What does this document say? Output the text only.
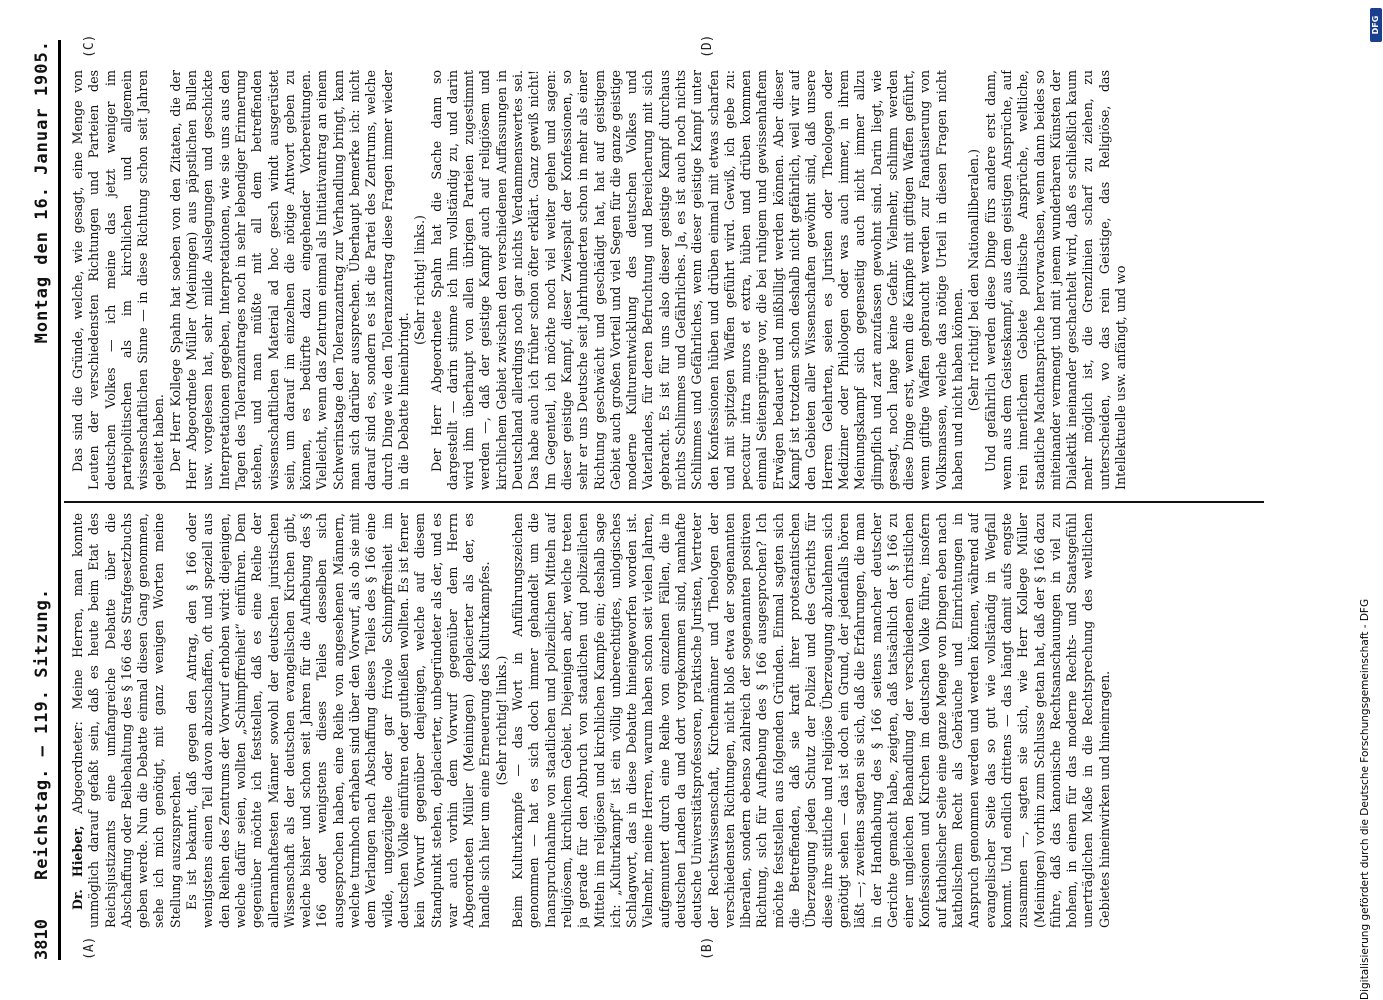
3810
Reichstag. — 119. Sitzung.
Montag den 16. Januar 1905.
(A)	(B)
(C)	(D)

Dr. Hieber, Abgeordneter: Meine Herren, man konnte unmöglich darauf gefaßt sein, daß es heute beim Etat des Reichsjustizamts eine umfangreiche Debatte über die Abschaffung oder Beibehaltung des § 166 des Strafgesetzbuchs geben werde. Nun die Debatte einmal diesen Gang genommen, sehe ich mich genötigt, mit ganz wenigen Worten meine Stellung auszusprechen. Es ist bekannt, daß gegen den Antrag, den § 166 oder wenigstens einen Teil davon abzuschaffen, oft und speziell aus den Reihen des Zentrums der Vorwurf erhoben wird: diejenigen, welche dafür seien, wollten „Schimpffreiheit“ einführen. Dem gegenüber möchte ich feststellen, daß es eine Reihe der allernamhaftesten Männer sowohl der deutschen juristischen Wissenschaft als der deutschen evangelischen Kirchen gibt, welche bisher und schon seit Jahren für die Aufhebung des § 166 oder wenigstens dieses Teiles desselben sich ausgesprochen haben, eine Reihe von angesehenen Männern, welche turmhoch erhaben sind über den Vorwurf, als ob sie mit dem Verlangen nach Abschaffung dieses Teiles des § 166 eine wilde, ungezügelte oder gar frivole Schimpffreiheit im deutschen Volke einführen oder gutheißen wollten. Es ist ferner kein Vorwurf gegenüber denjenigen, welche auf diesem Standpunkt stehen, deplacierter, unbegründeter als der, und es war auch vorhin dem Vorwurf gegenüber dem Herrn Abgeordneten Müller (Meiningen) deplacierter als der, es handle sich hier um eine Erneuerung des Kulturkampfes. (Sehr richtig! links.) Beim Kulturkampfe — das Wort in Anführungszeichen genommen — hat es sich doch immer gehandelt um die Inanspruchnahme von staatlichen und polizeilichen Mitteln auf religiösem, kirchlichem Gebiet. Diejenigen aber, welche treten ja gerade für den Abbruch von staatlichen und polizeilichen Mitteln im religiösen und kirchlichen Kampfe ein; deshalb sage ich: „Kulturkampf“ ist ein völlig unberechtigtes, unlogisches Schlagwort, das in diese Debatte hineingeworfen worden ist. Vielmehr, meine Herren, warum haben schon seit vielen Jahren, aufgemuntert durch eine Reihe von einzelnen Fällen, die in deutschen Landen da und dort vorgekommen sind, namhafte deutsche Universitätsprofessoren, praktische Juristen, Vertreter der Rechtswissenschaft, Kirchenmänner und Theologen der verschiedensten Richtungen, nicht bloß etwa der sogenannten liberalen, sondern ebenso zahlreich der sogenannten positiven Richtung, sich für Aufhebung des § 166 ausgesprochen? Ich möchte feststellen aus folgenden Gründen. Einmal sagten sich die Betreffenden, daß sie kraft ihrer protestantischen Überzeugung jeden Schutz der Polizei und des Gerichts für diese ihre sittliche und religiöse Überzeugung abzulehnen sich genötigt sehen — das ist doch ein Grund, der jedenfalls hören läßt —; zweitens sagten sie sich, daß die Erfahrungen, die man in der Handhabung des § 166 seitens mancher deutscher Gerichte gemacht habe, zeigten, daß tatsächlich der § 166 zu einer ungleichen Behandlung der verschiedenen christlichen Konfessionen und Kirchen im deutschen Volke führe, insofern auf katholischer Seite eine ganze Menge von Dingen eben nach katholischem Recht als Gebräuche und Einrichtungen in Anspruch genommen werden und werden können, während auf evangelischer Seite das so gut wie vollständig in Wegfall kommt. Und endlich drittens — das hängt damit aufs engste zusammen —, sagten sie sich, wie Herr Kollege Müller (Meiningen) vorhin zum Schlusse getan hat, daß der § 166 dazu führe, daß das kanonische Rechtsanschauungen in viel zu hohem, in einem für das moderne Rechts- und Staatsgefühl unerträglichen Maße in die Rechtsprechung des weltlichen Gebietes hineinwirken und hineinragen.

Das sind die Gründe, welche, wie gesagt, eine Menge von Leuten der verschiedensten Richtungen und Parteien des deutschen Volkes — ich meine das jetzt weniger im parteipolitischen als im kirchlichen und allgemein wissenschaftlichen Sinne — in diese Richtung schon seit Jahren geleitet haben. Der Herr Kollege Spahn hat soeben von den Zitaten, die der Herr Abgeordnete Müller (Meiningen) aus päpstlichen Bullen usw. vorgelesen hat, sehr milde Auslegungen und geschickte Interpretationen gegeben, Interpretationen, wie sie uns aus den Tagen des Toleranzantrages noch in sehr lebendiger Erinnerung stehen, und man müßte mit all dem betreffenden wissenschaftlichen Material ad hoc gesch windt ausgerüstet sein, um darauf im einzelnen die nötige Antwort geben zu können, es bedürfte dazu eingehender Vorbereitungen. Vielleicht, wenn das Zentrum einmal als Initiativantrag an einem Schwerinstage den Toleranzantrag zur Verhandlung bringt, kann man sich darüber aussprechen. Überhaupt bemerke ich: nicht darauf sind es, sondern es ist die Partei des Zentrums, welche durch Dinge wie den Toleranzantrag diese Fragen immer wieder in die Debatte hineinbringt.

(Sehr richtig! links.) Der Herr Abgeordnete Spahn hat die Sache dann so dargestellt — darin stimme ich ihm vollständig zu, und darin wird ihm überhaupt von allen übrigen Parteien zugestimmt werden —, daß der geistige Kampf auch auf religiösem und kirchlichem Gebiet zwischen den verschiedenen Auffassungen in Deutschland allerdings noch gar nichts Verdammenswertes sei. Das habe auch ich früher schon öfter erklärt. Ganz gewiß nicht! Im Gegenteil, ich möchte noch viel weiter gehen und sagen: dieser geistige Kampf, dieser Zwiespalt der Konfessionen, so sehr er uns Deutsche seit Jahrhunderten schon in mehr als einer Richtung geschwächt und geschädigt hat, hat auf geistigem Gebiet auch großen Vorteil und viel Segen für die ganze geistige moderne Kulturentwicklung des deutschen Volkes und Vaterlandes, für deren Befruchtung und Bereicherung mit sich gebracht. Es ist für uns also dieser geistige Kampf durchaus nichts Schlimmes und Gefährliches. Ja, es ist auch noch nichts Schlimmes und Gefährliches, wenn dieser geistige Kampf unter den Konfessionen hüben und drüben einmal mit etwas scharfen und mit spitzigen Waffen geführt wird. Gewiß, ich gebe zu: peccatur intra muros et extra, hüben und drüben kommen einmal Seitensprünge vor, die bei ruhigem und gewissenhaftem Erwägen bedauert und mißbilligt werden können. Aber dieser Kampf ist trotzdem schon deshalb nicht gefährlich, weil wir auf den Gebieten aller Wissenschaften gewöhnt sind, daß unsere Herren Gelehrten, seien es Juristen oder Theologen oder Mediziner oder Philologen oder was auch immer, in ihrem Meinungskampf sich gegenseitig auch nicht immer allzu glimpflich und zart anzufassen gewohnt sind. Darin liegt, wie gesagt, noch lange keine Gefahr. Vielmehr, schlimm werden diese Dinge erst, wenn die Kämpfe mit giftigen Waffen geführt, wenn giftige Waffen gebraucht werden zur Fanatisierung von Volksmassen, welche das nötige Urteil in diesen Fragen nicht haben und nicht haben können. (Sehr richtig! bei den Nationalliberalen.) Und gefährlich werden diese Dinge fürs andere erst dann, wenn aus dem Geisteskampf, aus dem geistigen Ansprüche, auf rein innerlichem Gebiete politische Ansprüche, weltliche, staatliche Machtansprüche hervorwachsen, wenn dann beides so miteinander vermengt und mit jenem wunderbaren Künsten der Dialektik ineinander geschachtelt wird, daß es schließlich kaum mehr möglich ist, die Grenzlinien scharf zu ziehen, zu unterscheiden, wo das rein Geistige, das Religiöse, das Intellektuelle usw. anfängt, und wo

Digitalisierung gefördert durch die Deutsche Forschungsgemeinschaft - DFG
DFG
